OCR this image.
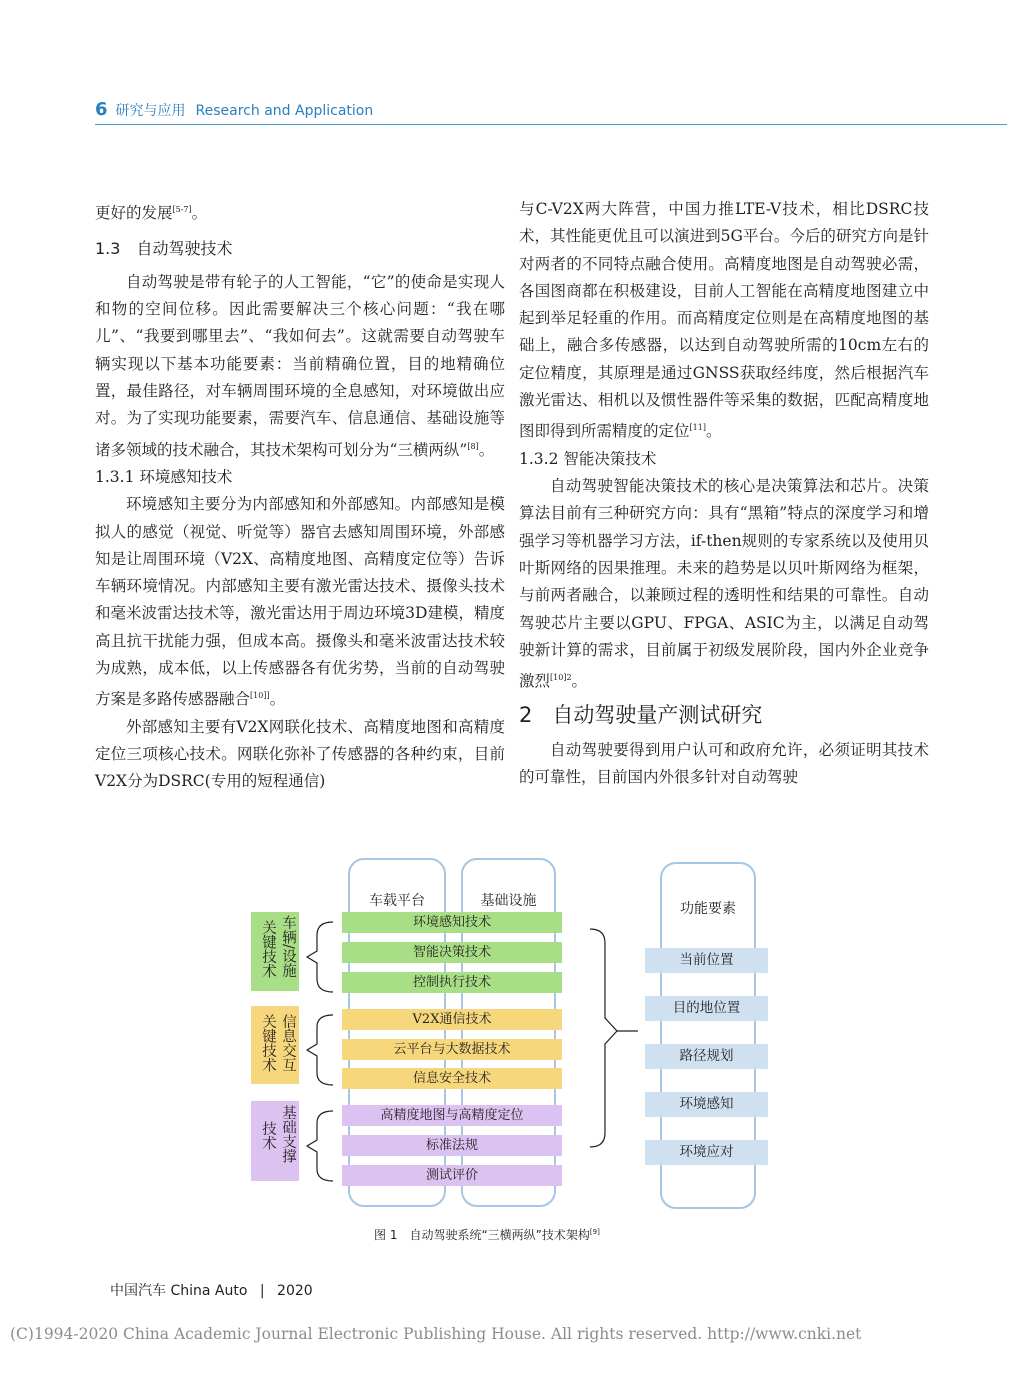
6 研究与应用 Research and Application

更好的发展[5-7]。

1.3　自动驾驶技术

自动驾驶是带有轮子的人工智能，“它”的使命是实现人和物的空间位移。因此需要解决三个核心问题：“我在哪儿”、“我要到哪里去”、“我如何去”。这就需要自动驾驶车辆实现以下基本功能要素：当前精确位置，目的地精确位置，最佳路径，对车辆周围环境的全息感知，对环境做出应对。为了实现功能要素，需要汽车、信息通信、基础设施等诸多领域的技术融合，其技术架构可划分为“三横两纵”[8]。

1.3.1 环境感知技术

环境感知主要分为内部感知和外部感知。内部感知是模拟人的感觉（视觉、听觉等）器官去感知周围环境，外部感知是让周围环境（V2X、高精度地图、高精度定位等）告诉车辆环境情况。内部感知主要有激光雷达技术、摄像头技术和毫米波雷达技术等，激光雷达用于周边环境3D建模，精度高且抗干扰能力强，但成本高。摄像头和毫米波雷达技术较为成熟，成本低，以上传感器各有优劣势，当前的自动驾驶方案是多路传感器融合[10]]。

外部感知主要有V2X网联化技术、高精度地图和高精度定位三项核心技术。网联化弥补了传感器的各种约束，目前V2X分为DSRC(专用的短程通信)

与C-V2X两大阵营，中国力推LTE-V技术，相比DSRC技术，其性能更优且可以演进到5G平台。今后的研究方向是针对两者的不同特点融合使用。高精度地图是自动驾驶必需，各国图商都在积极建设，目前人工智能在高精度地图建立中起到举足轻重的作用。而高精度定位则是在高精度地图的基础上，融合多传感器，以达到自动驾驶所需的10cm左右的定位精度，其原理是通过GNSS获取经纬度，然后根据汽车激光雷达、相机以及惯性器件等采集的数据，匹配高精度地图即得到所需精度的定位[11]。

1.3.2 智能决策技术

自动驾驶智能决策技术的核心是决策算法和芯片。决策算法目前有三种研究方向：具有“黑箱”特点的深度学习和增强学习等机器学习方法，if-then规则的专家系统以及使用贝叶斯网络的因果推理。未来的趋势是以贝叶斯网络为框架，与前两者融合，以兼顾过程的透明性和结果的可靠性。自动驾驶芯片主要以GPU、FPGA、ASIC为主，以满足自动驾驶新计算的需求，目前属于初级发展阶段，国内外企业竞争激烈$^{[10]2}$。

2 自动驾驶量产测试研究

自动驾驶要得到用户认可和政府允许，必须证明其技术的可靠性，目前国内外很多针对自动驾驶

车载平台	基础设施	功能要素
关键技术 车辆/设施
关键技术 信息交互
技术 基础支撑
环境感知技术
智能决策技术
控制执行技术
V2X通信技术
云平台与大数据技术
信息安全技术
高精度地图与高精度定位
标准法规
测试评价
当前位置
目的地位置
路径规划
环境感知
环境应对
图 1　自动驾驶系统“三横两纵”技术架构[9]
中国汽车 China Auto | 2020
(C)1994-2020 China Academic Journal Electronic Publishing House. All rights reserved. http://www.cnki.net
